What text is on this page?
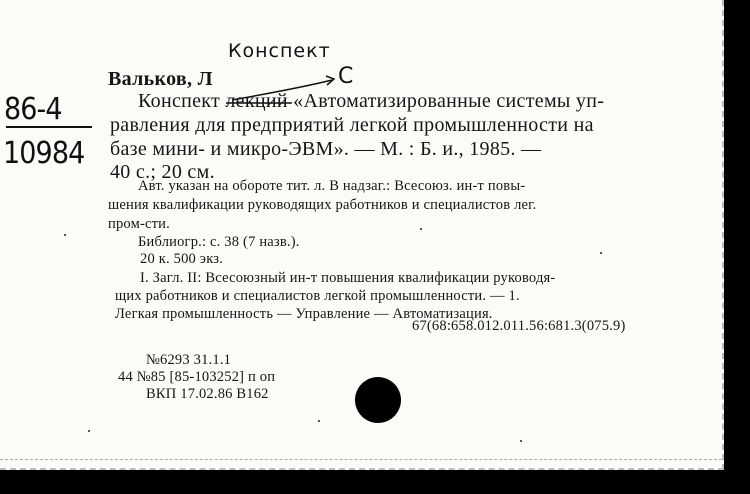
86-4
10984
Конспект
С
Вальков, Л
Конспект лекций «Автоматизированные системы уп-
равления для предприятий легкой промышленности на
базе мини- и микро-ЭВМ». — М. : Б. и., 1985. —
40 с.; 20 см.
Авт. указан на обороте тит. л. В надзаг.: Всесоюз. ин-т повы-
шения квалификации руководящих работников и специалистов лег.
пром-сти.
Библиогр.: с. 38 (7 назв.).
20 к. 500 экз.
I. Загл. II: Всесоюзный ин-т повышения квалификации руководя-
щих работников и специалистов легкой промышленности. — 1.
Легкая промышленность — Управление — Автоматизация.
67(68:658.012.011.56:681.3(075.9)
№6293 31.1.1
44 №85 [85-103252] п оп
ВКП 17.02.86 В162
